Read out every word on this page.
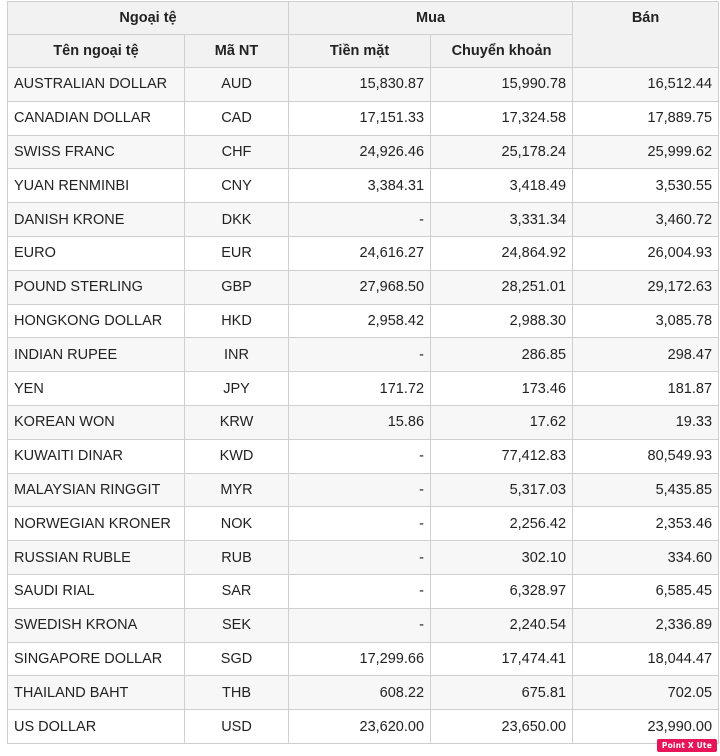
Ngoại tệ		Mua		Bán
Tên ngoại tệ	Mã NT	Tiền mặt	Chuyển khoản	
AUSTRALIAN DOLLAR	AUD	15,830.87	15,990.78	16,512.44
CANADIAN DOLLAR	CAD	17,151.33	17,324.58	17,889.75
SWISS FRANC	CHF	24,926.46	25,178.24	25,999.62
YUAN RENMINBI	CNY	3,384.31	3,418.49	3,530.55
DANISH KRONE	DKK	-	3,331.34	3,460.72
EURO	EUR	24,616.27	24,864.92	26,004.93
POUND STERLING	GBP	27,968.50	28,251.01	29,172.63
HONGKONG DOLLAR	HKD	2,958.42	2,988.30	3,085.78
INDIAN RUPEE	INR	-	286.85	298.47
YEN	JPY	171.72	173.46	181.87
KOREAN WON	KRW	15.86	17.62	19.33
KUWAITI DINAR	KWD	-	77,412.83	80,549.93
MALAYSIAN RINGGIT	MYR	-	5,317.03	5,435.85
NORWEGIAN KRONER	NOK	-	2,256.42	2,353.46
RUSSIAN RUBLE	RUB	-	302.10	334.60
SAUDI RIAL	SAR	-	6,328.97	6,585.45
SWEDISH KRONA	SEK	-	2,240.54	2,336.89
SINGAPORE DOLLAR	SGD	17,299.66	17,474.41	18,044.47
THAILAND BAHT	THB	608.22	675.81	702.05
US DOLLAR	USD	23,620.00	23,650.00	23,990.00
Point X Ute
